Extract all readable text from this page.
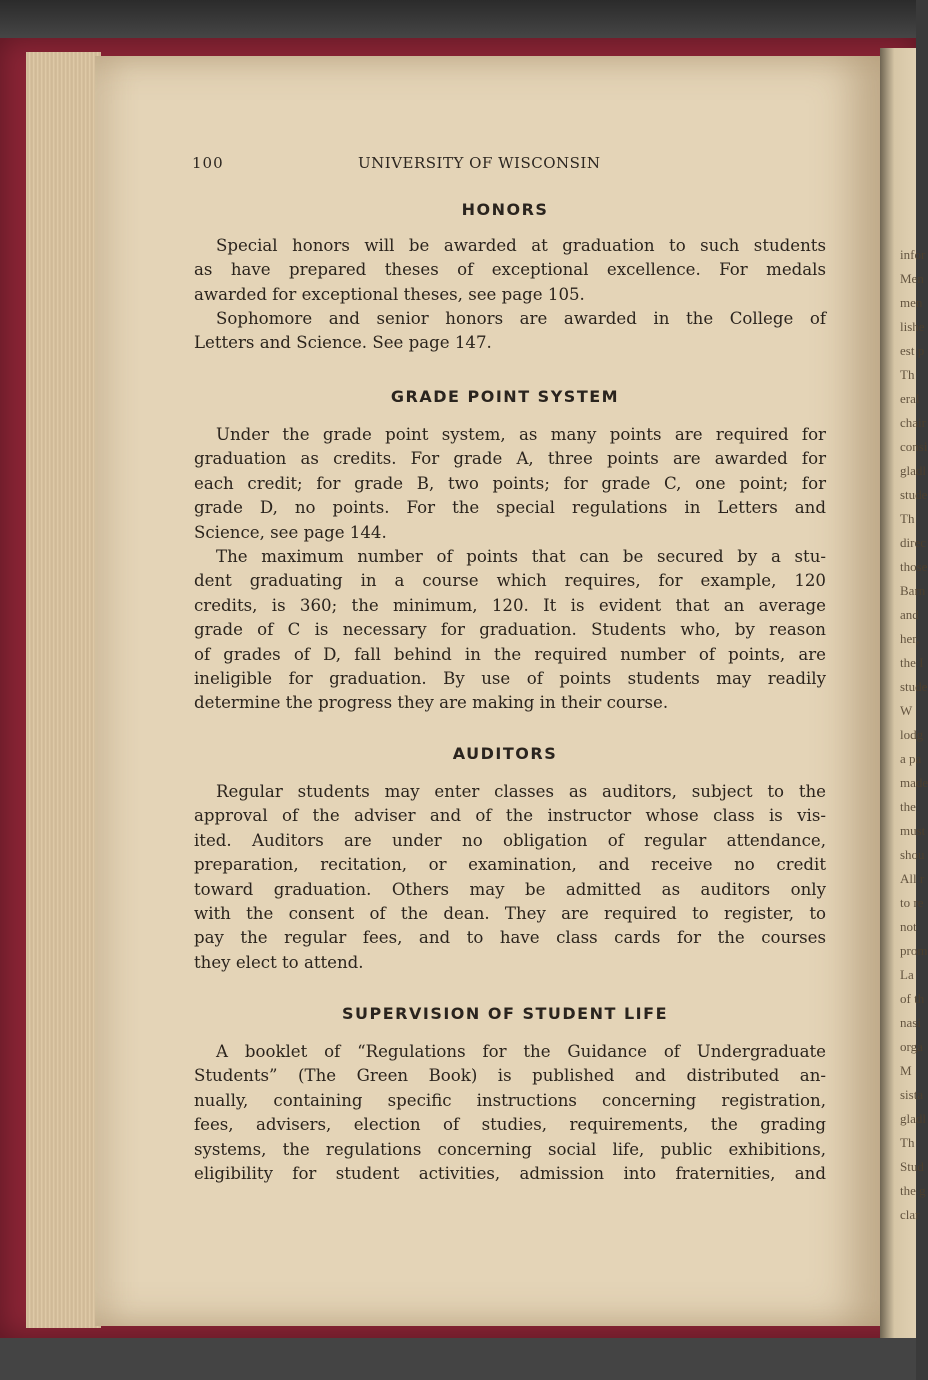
infor
Men
men
lishe
est p
Th
eral
chair
consi
gladl
stude
Th
direc
those
Barn
and
her,
the I
stude
W
lodg
a pa
made
the
must
shou
All r
to re
not
prom
La
of th
nasi
orga
M
sista
gladl
Th
Stud
the g
clar
100	UNIVERSITY OF WISCONSIN
HONORS
Special honors will be awarded at graduation to such students
as have prepared theses of exceptional excellence. For medals
awarded for exceptional theses, see page 105.
Sophomore and senior honors are awarded in the College of
Letters and Science. See page 147.
GRADE POINT SYSTEM
Under the grade point system, as many points are required for
graduation as credits. For grade A, three points are awarded for
each credit; for grade B, two points; for grade C, one point; for
grade D, no points. For the special regulations in Letters and
Science, see page 144.
The maximum number of points that can be secured by a stu-
dent graduating in a course which requires, for example, 120
credits, is 360; the minimum, 120. It is evident that an average
grade of C is necessary for graduation. Students who, by reason
of grades of D, fall behind in the required number of points, are
ineligible for graduation. By use of points students may readily
determine the progress they are making in their course.
AUDITORS
Regular students may enter classes as auditors, subject to the
approval of the adviser and of the instructor whose class is vis-
ited. Auditors are under no obligation of regular attendance,
preparation, recitation, or examination, and receive no credit
toward graduation. Others may be admitted as auditors only
with the consent of the dean. They are required to register, to
pay the regular fees, and to have class cards for the courses
they elect to attend.
SUPERVISION OF STUDENT LIFE
A booklet of “Regulations for the Guidance of Undergraduate
Students” (The Green Book) is published and distributed an-
nually, containing specific instructions concerning registration,
fees, advisers, election of studies, requirements, the grading
systems, the regulations concerning social life, public exhibitions,
eligibility for student activities, admission into fraternities, and
